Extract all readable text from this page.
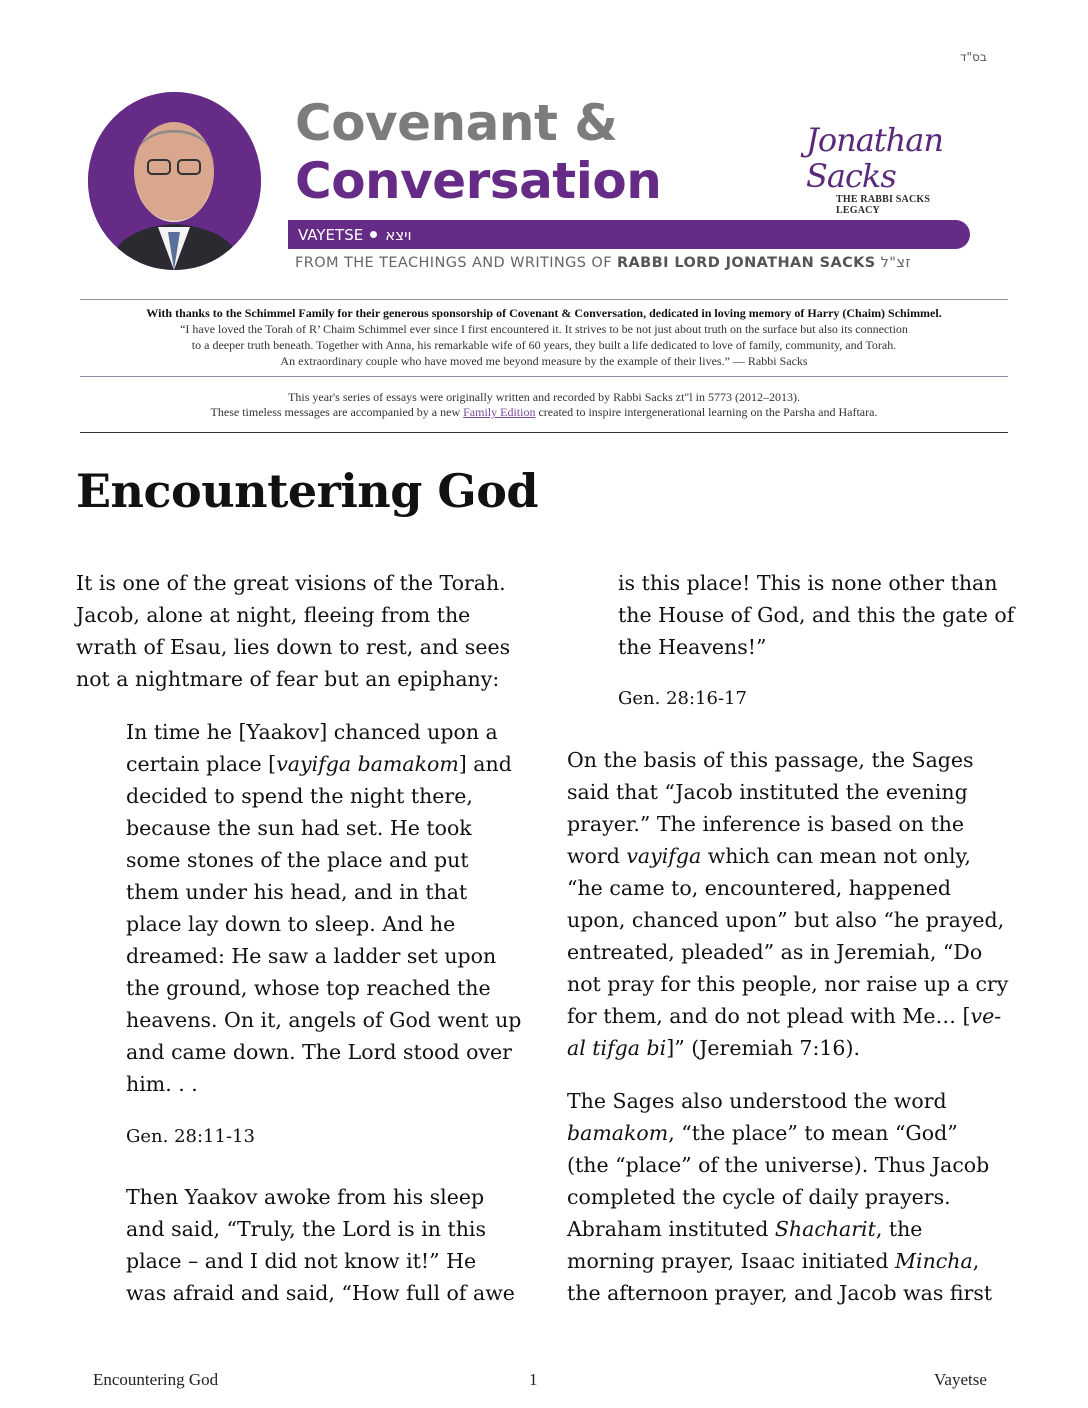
בס"ד
Covenant &
Conversation
Jonathan Sacks
THE RABBI SACKS LEGACY
VAYETSE ויצא
FROM THE TEACHINGS AND WRITINGS OF RABBI LORD JONATHAN SACKS זצ"ל
With thanks to the Schimmel Family for their generous sponsorship of Covenant & Conversation, dedicated in loving memory of Harry (Chaim) Schimmel.
“I have loved the Torah of R’ Chaim Schimmel ever since I first encountered it. It strives to be not just about truth on the surface but also its connection
to a deeper truth beneath. Together with Anna, his remarkable wife of 60 years, they built a life dedicated to love of family, community, and Torah.
An extraordinary couple who have moved me beyond measure by the example of their lives.” — Rabbi Sacks
This year's series of essays were originally written and recorded by Rabbi Sacks zt"l in 5773 (2012–2013).
These timeless messages are accompanied by a new Family Edition created to inspire intergenerational learning on the Parsha and Haftara.
Encountering God

It is one of the great visions of the Torah.

Jacob, alone at night, fleeing from the

wrath of Esau, lies down to rest, and sees

not a nightmare of fear but an epiphany:

In time he [Yaakov] chanced upon a

certain place [vayifga bamakom] and

decided to spend the night there,

because the sun had set. He took

some stones of the place and put

them under his head, and in that

place lay down to sleep. And he

dreamed: He saw a ladder set upon

the ground, whose top reached the

heavens. On it, angels of God went up

and came down. The Lord stood over

him. . .

Gen. 28:11-13

Then Yaakov awoke from his sleep

and said, “Truly, the Lord is in this

place – and I did not know it!” He

was afraid and said, “How full of awe

is this place! This is none other than

the House of God, and this the gate of

the Heavens!”

Gen. 28:16-17

On the basis of this passage, the Sages

said that “Jacob instituted the evening

prayer.” The inference is based on the

word vayifga which can mean not only,

“he came to, encountered, happened

upon, chanced upon” but also “he prayed,

entreated, pleaded” as in Jeremiah, “Do

not pray for this people, nor raise up a cry

for them, and do not plead with Me… [ve-

al tifga bi]” (Jeremiah 7:16).

The Sages also understood the word

bamakom, “the place” to mean “God”

(the “place” of the universe). Thus Jacob

completed the cycle of daily prayers.

Abraham instituted Shacharit, the

morning prayer, Isaac initiated Mincha,

the afternoon prayer, and Jacob was first

Encountering God	1	Vayetse
